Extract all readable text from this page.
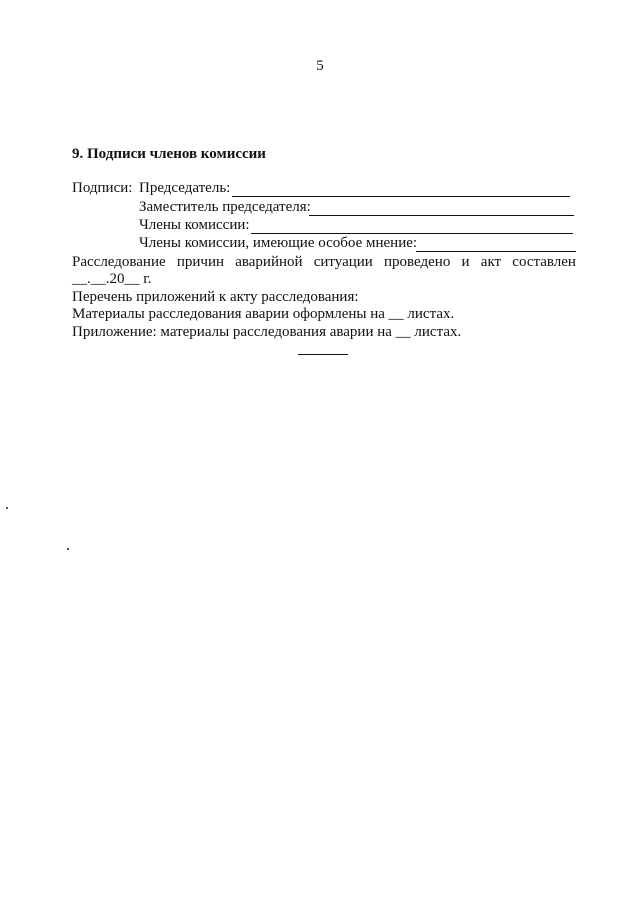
5
9. Подписи членов комиссии
Подписи: Председатель:
Заместитель председателя:
Члены комиссии:
Члены комиссии, имеющие особое мнение:
Расследование причин аварийной ситуации проведено и акт составлен
__.__.20__ г.
Перечень приложений к акту расследования:
Материалы расследования аварии оформлены на __ листах.
Приложение: материалы расследования аварии на __ листах.
